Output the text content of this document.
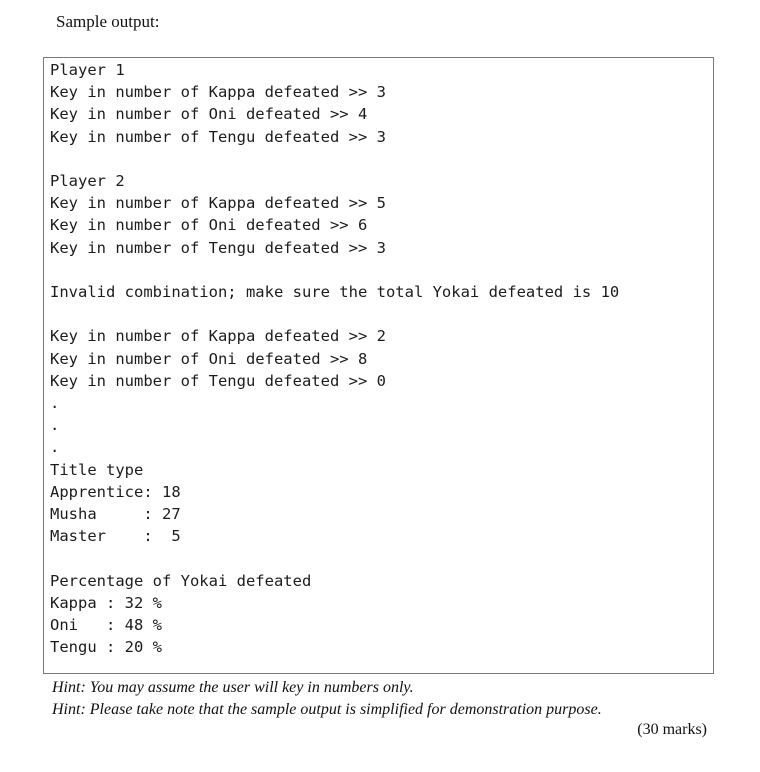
Sample output:
Player 1
Key in number of Kappa defeated >> 3
Key in number of Oni defeated >> 4
Key in number of Tengu defeated >> 3

Player 2
Key in number of Kappa defeated >> 5
Key in number of Oni defeated >> 6
Key in number of Tengu defeated >> 3

Invalid combination; make sure the total Yokai defeated is 10

Key in number of Kappa defeated >> 2
Key in number of Oni defeated >> 8
Key in number of Tengu defeated >> 0
.
.
.
Title type
Apprentice: 18
Musha     : 27
Master    :  5

Percentage of Yokai defeated
Kappa : 32 %
Oni   : 48 %
Tengu : 20 %
Hint: You may assume the user will key in numbers only.
Hint: Please take note that the sample output is simplified for demonstration purpose.
(30 marks)
